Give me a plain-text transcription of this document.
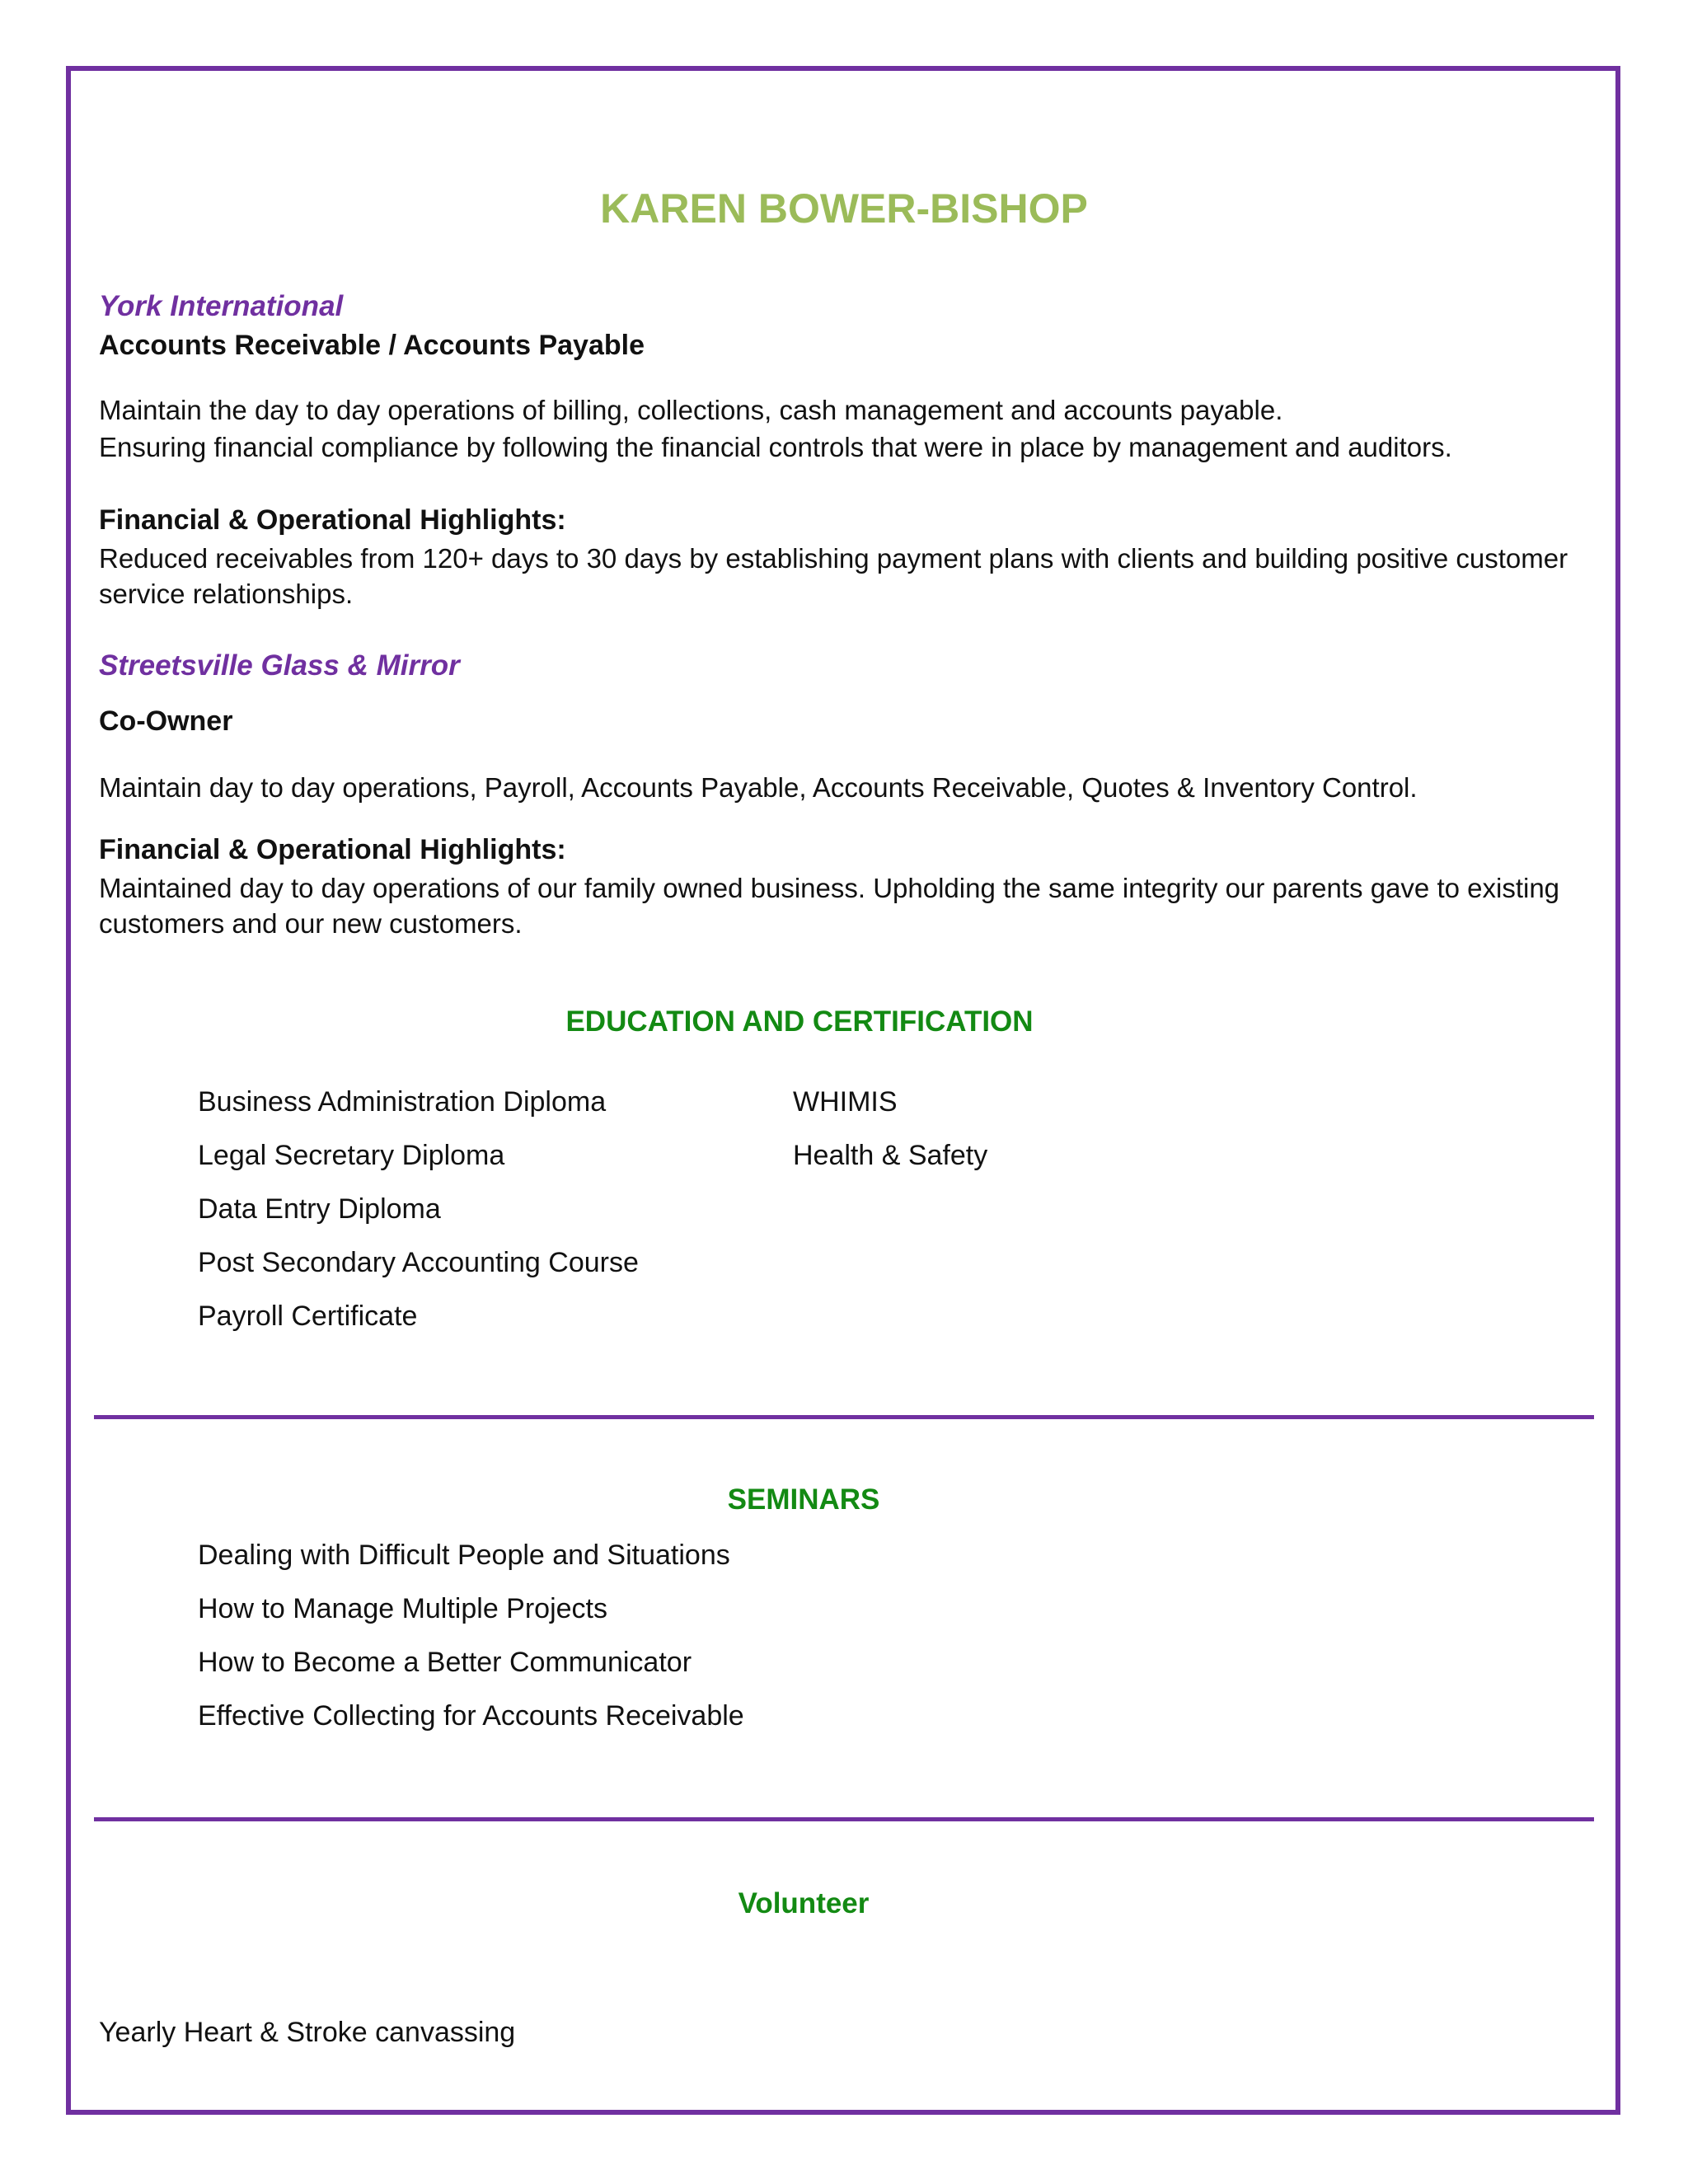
KAREN BOWER-BISHOP
York International
Accounts Receivable / Accounts Payable
Maintain the day to day operations of billing, collections, cash management and accounts payable.
Ensuring financial compliance by following the financial controls that were in place by management and auditors.
Financial & Operational Highlights:
Reduced receivables from 120+ days to 30 days by establishing payment plans with clients and building positive customer service relationships.
Streetsville Glass & Mirror
Co-Owner
Maintain day to day operations, Payroll, Accounts Payable, Accounts Receivable, Quotes & Inventory Control.
Financial & Operational Highlights:
Maintained day to day operations of our family owned business. Upholding the same integrity our parents gave to existing customers and our new customers.
EDUCATION AND CERTIFICATION
Business Administration Diploma
Legal Secretary Diploma
Data Entry Diploma
Post Secondary Accounting Course
Payroll Certificate
WHIMIS
Health & Safety
SEMINARS
Dealing with Difficult People and Situations
How to Manage Multiple Projects
How to Become a Better Communicator
Effective Collecting for Accounts Receivable
Volunteer
Yearly Heart & Stroke canvassing
